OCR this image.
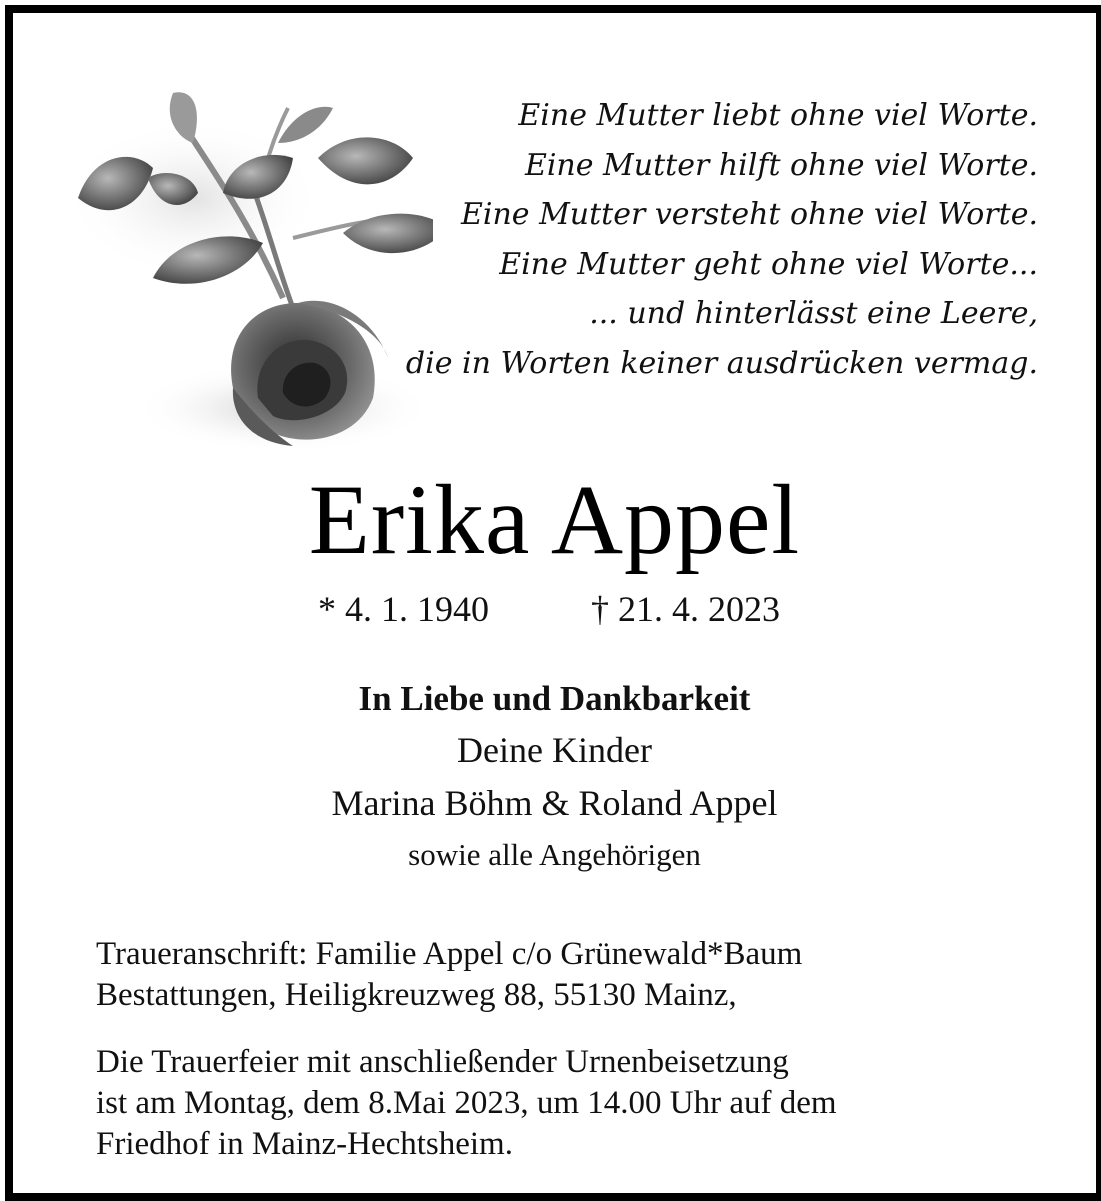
Eine Mutter liebt ohne viel Worte.
Eine Mutter hilft ohne viel Worte.
Eine Mutter versteht ohne viel Worte.
Eine Mutter geht ohne viel Worte...
... und hinterlässt eine Leere,
die in Worten keiner ausdrücken vermag.
Erika Appel
* 4. 1. 1940	† 21. 4. 2023
In Liebe und Dankbarkeit
Deine Kinder
Marina Böhm & Roland Appel
sowie alle Angehörigen
Traueranschrift: Familie Appel c/o Grünewald*Baum
Bestattungen, Heiligkreuzweg 88, 55130 Mainz,
Die Trauerfeier mit anschließender Urnenbeisetzung
ist am Montag, dem 8.Mai 2023, um 14.00 Uhr auf dem
Friedhof in Mainz-Hechtsheim.
